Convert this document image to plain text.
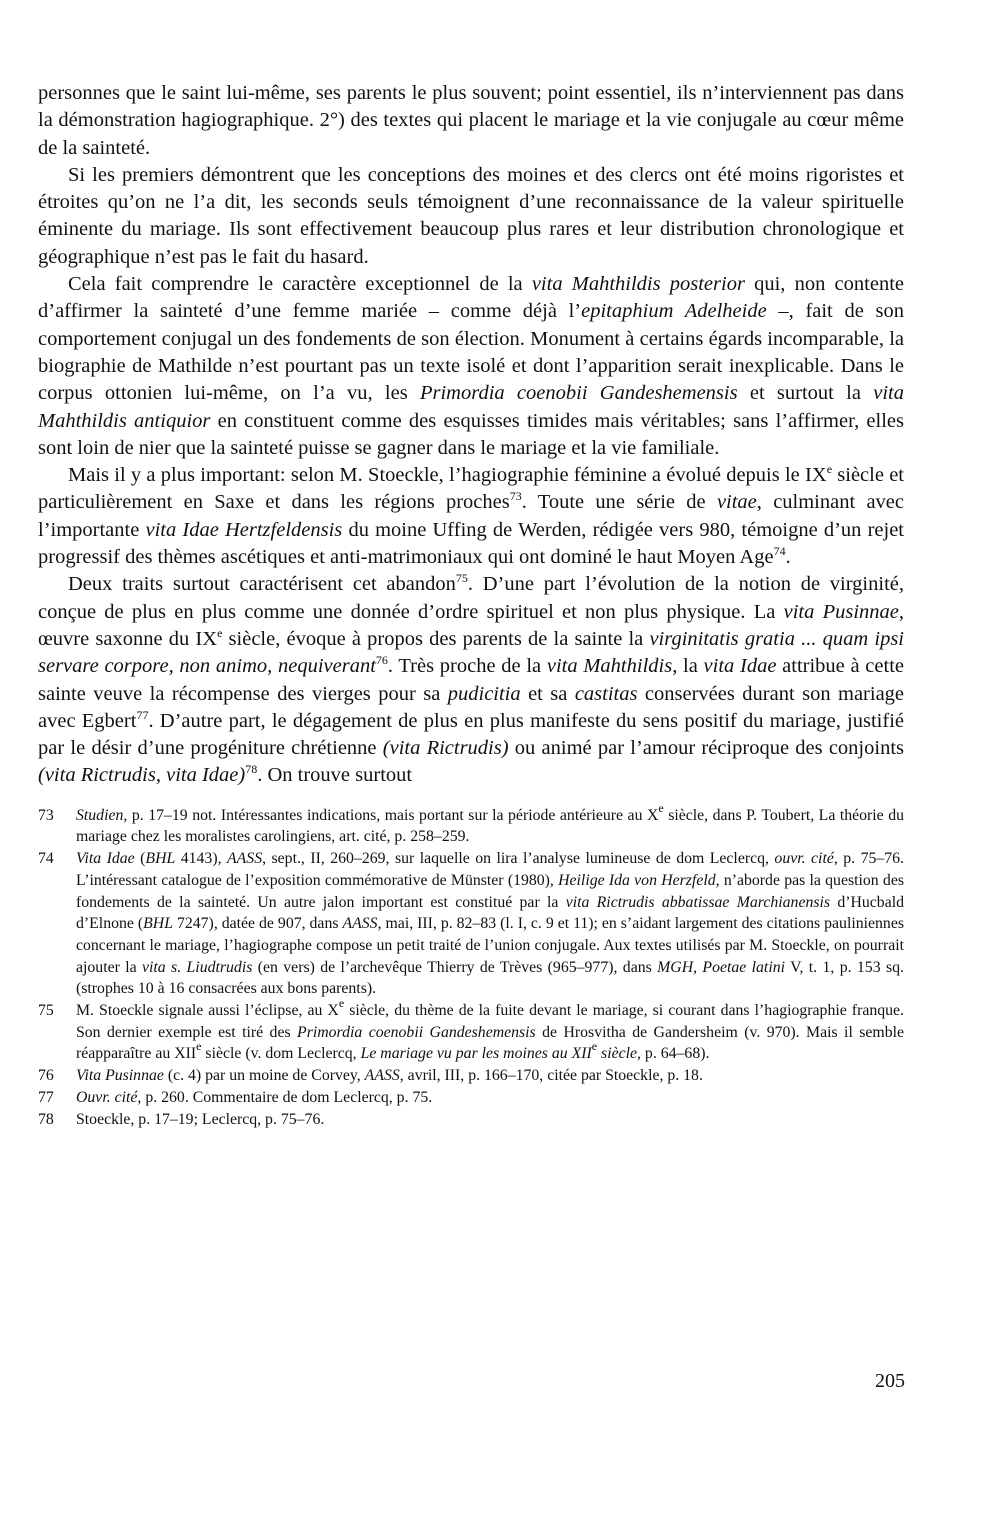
personnes que le saint lui-même, ses parents le plus souvent; point essentiel, ils n’interviennent pas dans la démonstration hagiographique. 2°) des textes qui placent le mariage et la vie conjugale au cœur même de la sainteté.

Si les premiers démontrent que les conceptions des moines et des clercs ont été moins rigoristes et étroites qu’on ne l’a dit, les seconds seuls témoignent d’une reconnaissance de la valeur spirituelle éminente du mariage. Ils sont effectivement beaucoup plus rares et leur distribution chronologique et géographique n’est pas le fait du hasard.

Cela fait comprendre le caractère exceptionnel de la vita Mahthildis posterior qui, non contente d’affirmer la sainteté d’une femme mariée – comme déjà l’epitaphium Adelheide –, fait de son comportement conjugal un des fondements de son élection. Monument à certains égards incomparable, la biographie de Mathilde n’est pourtant pas un texte isolé et dont l’apparition serait inexplicable. Dans le corpus ottonien lui-même, on l’a vu, les Primordia coenobii Gandeshemensis et surtout la vita Mahthildis antiquior en constituent comme des esquisses timides mais véritables; sans l’affirmer, elles sont loin de nier que la sainteté puisse se gagner dans le mariage et la vie familiale.

Mais il y a plus important: selon M. Stoeckle, l’hagiographie féminine a évolué depuis le IXe siècle et particulièrement en Saxe et dans les régions proches$^{73}$. Toute une série de vitae, culminant avec l’importante vita Idae Hertzfeldensis du moine Uffing de Werden, rédigée vers 980, témoigne d’un rejet progressif des thèmes ascétiques et anti-matrimoniaux qui ont dominé le haut Moyen Age$^{74}$.

Deux traits surtout caractérisent cet abandon$^{75}$. D’une part l’évolution de la notion de virginité, conçue de plus en plus comme une donnée d’ordre spirituel et non plus physique. La vita Pusinnae, œuvre saxonne du IXe siècle, évoque à propos des parents de la sainte la virginitatis gratia ... quam ipsi servare corpore, non animo, nequiverant$^{76}$. Très proche de la vita Mahthildis, la vita Idae attribue à cette sainte veuve la récompense des vierges pour sa pudicitia et sa castitas conservées durant son mariage avec Egbert$^{77}$. D’autre part, le dégagement de plus en plus manifeste du sens positif du mariage, justifié par le désir d’une progéniture chrétienne (vita Rictrudis) ou animé par l’amour réciproque des conjoints (vita Rictrudis, vita Idae)$^{78}$. On trouve surtout

73	Studien, p. 17–19 not. Intéressantes indications, mais portant sur la période antérieure au Xe siècle, dans P. Toubert, La théorie du mariage chez les moralistes carolingiens, art. cité, p. 258–259.
74	Vita Idae (BHL 4143), AASS, sept., II, 260–269, sur laquelle on lira l’analyse lumineuse de dom Leclercq, ouvr. cité, p. 75–76. L’intéressant catalogue de l’exposition commémorative de Münster (1980), Heilige Ida von Herzfeld, n’aborde pas la question des fondements de la sainteté. Un autre jalon important est constitué par la vita Rictrudis abbatissae Marchianensis d’Hucbald d’Elnone (BHL 7247), datée de 907, dans AASS, mai, III, p. 82–83 (l. I, c. 9 et 11); en s’aidant largement des citations pauliniennes concernant le mariage, l’hagiographe compose un petit traité de l’union conjugale. Aux textes utilisés par M. Stoeckle, on pourrait ajouter la vita s. Liudtrudis (en vers) de l’archevêque Thierry de Trèves (965–977), dans MGH, Poetae latini V, t. 1, p. 153 sq. (strophes 10 à 16 consacrées aux bons parents).
75	M. Stoeckle signale aussi l’éclipse, au Xe siècle, du thème de la fuite devant le mariage, si courant dans l’hagiographie franque. Son dernier exemple est tiré des Primordia coenobii Gandeshemensis de Hrosvitha de Gandersheim (v. 970). Mais il semble réapparaître au XIIe siècle (v. dom Leclercq, Le mariage vu par les moines au XIIe siècle, p. 64–68).
76	Vita Pusinnae (c. 4) par un moine de Corvey, AASS, avril, III, p. 166–170, citée par Stoeckle, p. 18.
77	Ouvr. cité, p. 260. Commentaire de dom Leclercq, p. 75.
78	Stoeckle, p. 17–19; Leclercq, p. 75–76.
205
